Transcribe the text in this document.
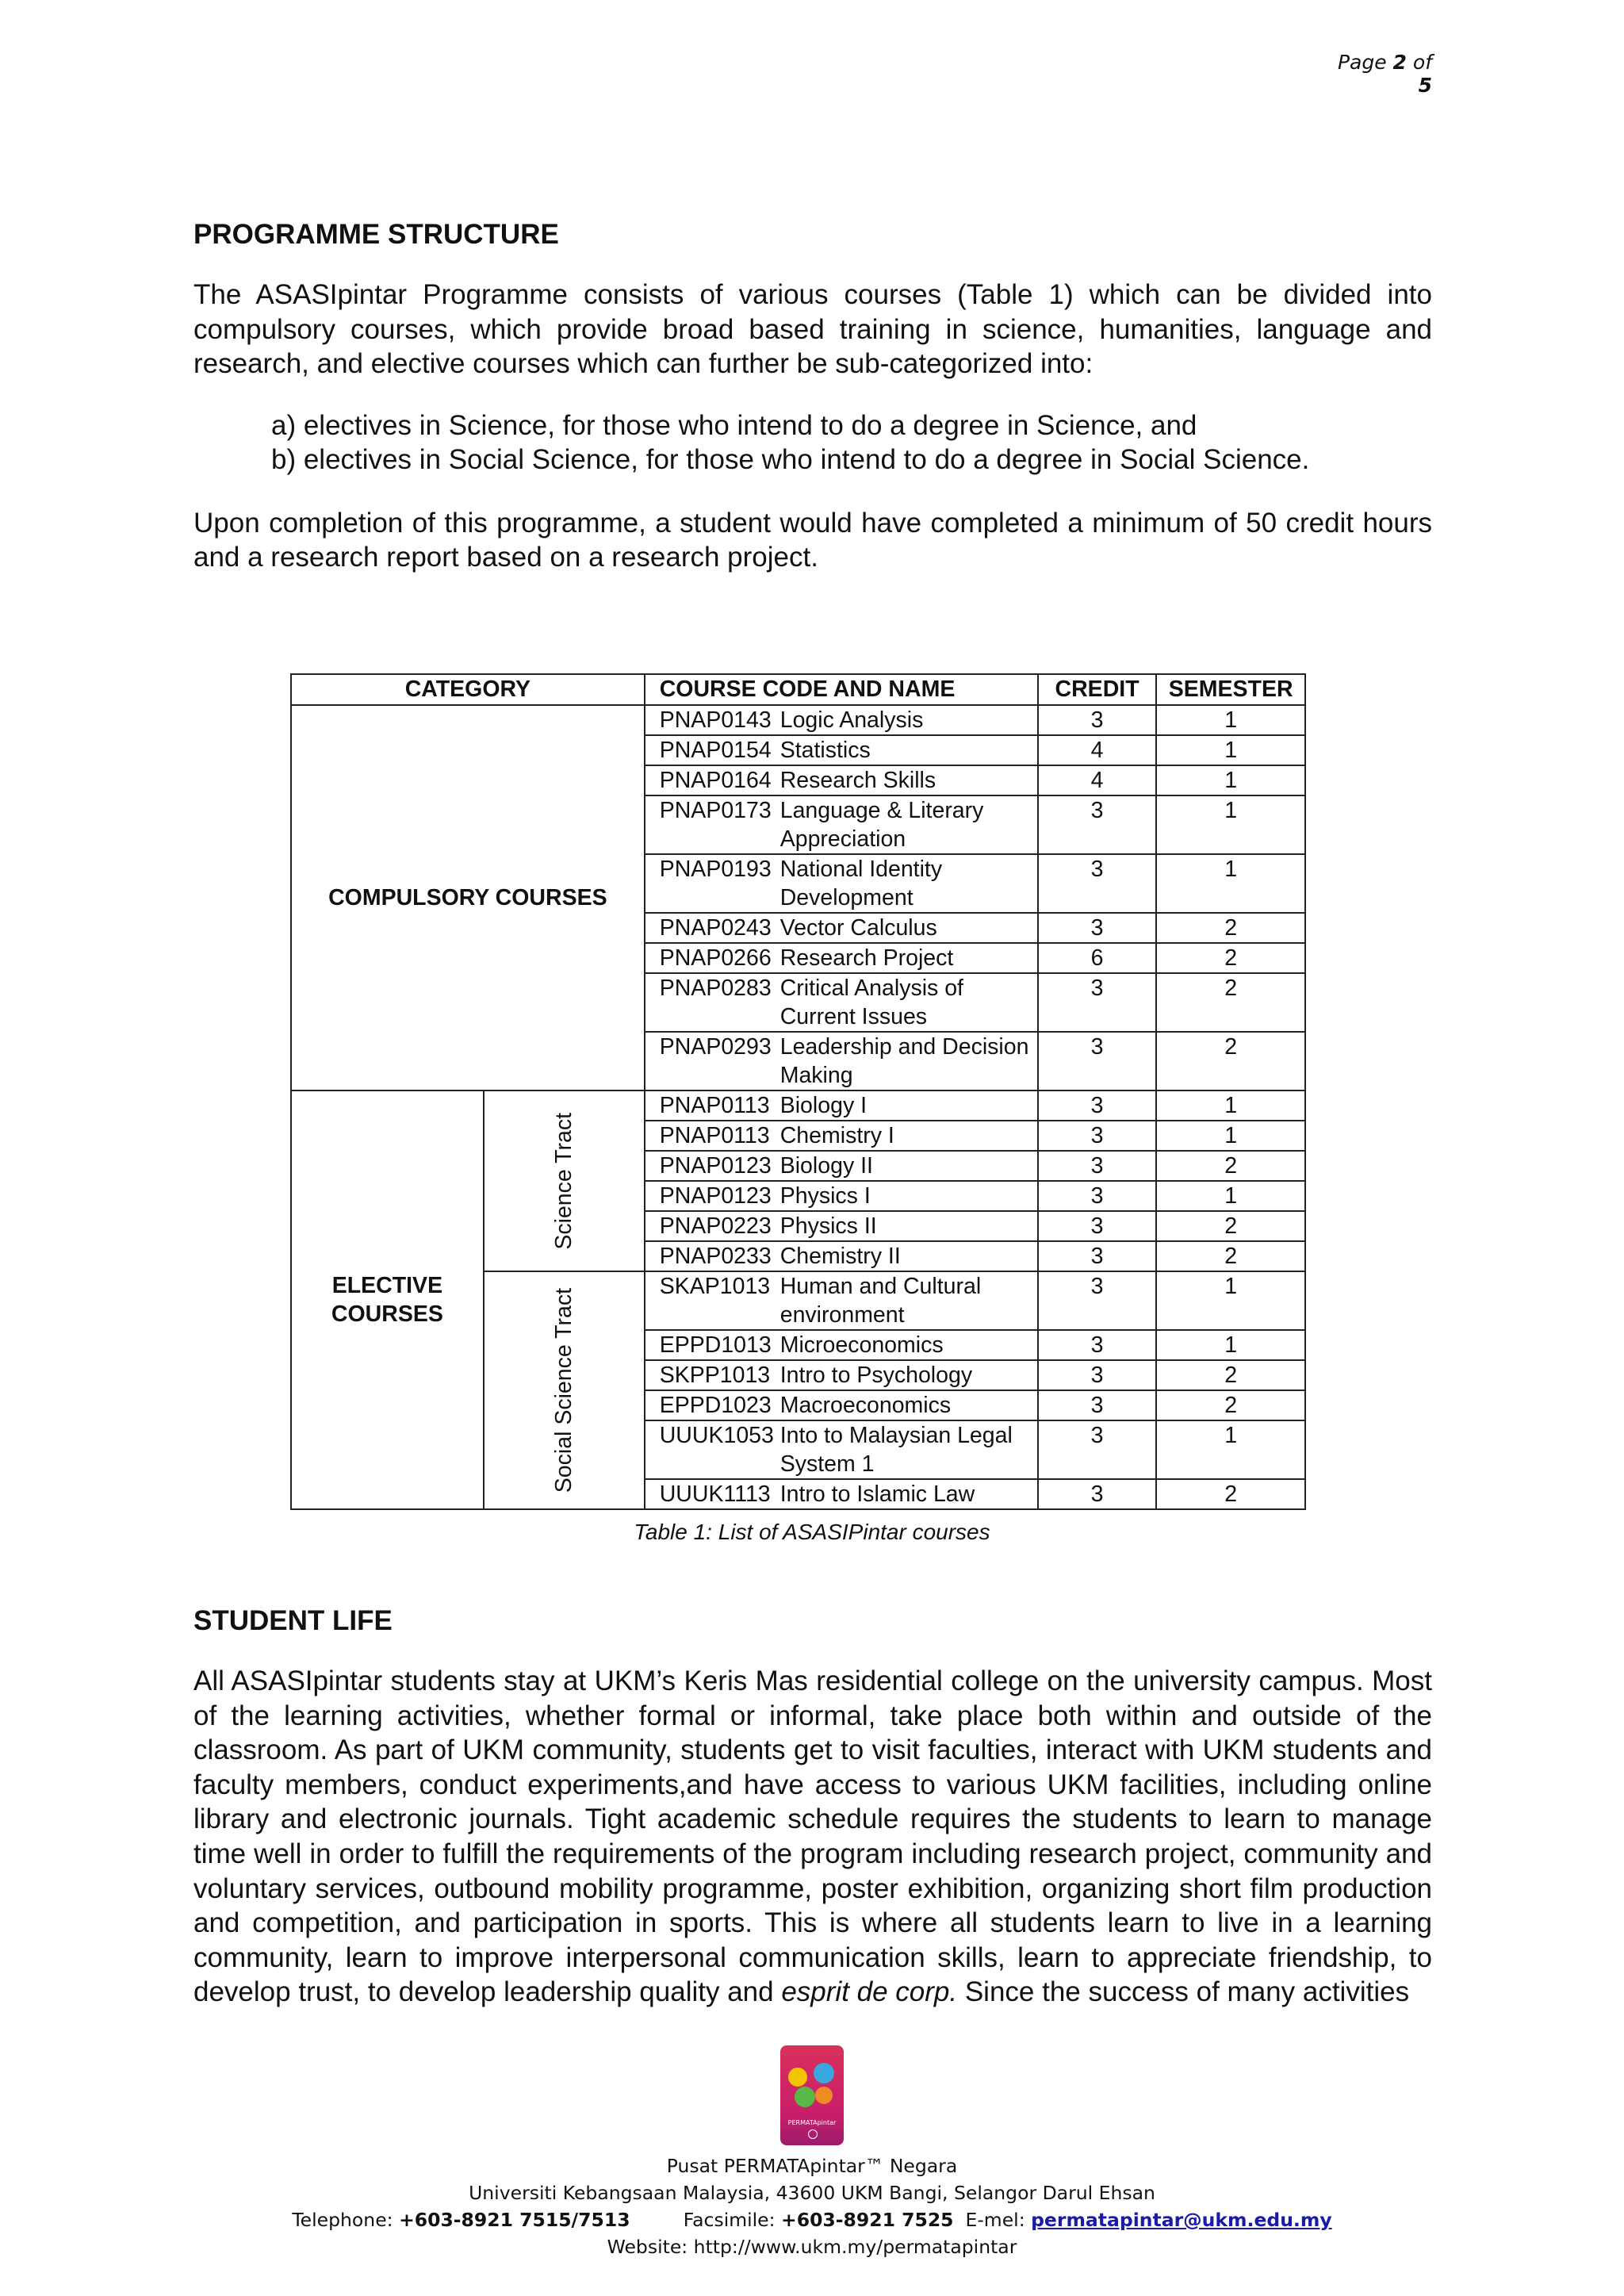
Page 2 of 5
PROGRAMME STRUCTURE

The ASASIpintar Programme consists of various courses (Table 1) which can be divided into compulsory courses, which provide broad based training in science, humanities, language and research, and elective courses which can further be sub-categorized into:

a) electives in Science, for those who intend to do a degree in Science, and
b) electives in Social Science, for those who intend to do a degree in Social Science.

Upon completion of this programme, a student would have completed a minimum of 50 credit hours and a research report based on a research project.

CATEGORY		COURSE CODE AND NAME	CREDIT	SEMESTER
COMPULSORY COURSES		PNAP0143 Logic Analysis	3	1
		PNAP0154 Statistics	4	1
		PNAP0164 Research Skills	4	1
		PNAP0173 Language & Literary Appreciation	3	1
		PNAP0193 National Identity Development	3	1
		PNAP0243 Vector Calculus	3	2
		PNAP0266 Research Project	6	2
		PNAP0283 Critical Analysis of Current Issues	3	2
		PNAP0293 Leadership and Decision Making	3	2

ELECTIVE
COURSES	Science Tract	PNAP0113 Biology I	3	1
		PNAP0113 Chemistry I	3	1
		PNAP0123 Biology II	3	2
		PNAP0123 Physics I	3	1
		PNAP0223 Physics II	3	2
		PNAP0233 Chemistry II	3	2

	Social Science Tract	SKAP1013 Human and Cultural environment	3	1
		EPPD1013 Microeconomics	3	1
		SKPP1013 Intro to Psychology	3	2
		EPPD1023 Macroeconomics	3	2
		UUUK1053 Into to Malaysian Legal System 1	3	1
		UUUK1113 Intro to Islamic Law	3	2
Table 1: List of ASASIPintar courses
STUDENT LIFE

All ASASIpintar students stay at UKM’s Keris Mas residential college on the university campus. Most of the learning activities, whether formal or informal, take place both within and outside of the classroom. As part of UKM community, students get to visit faculties, interact with UKM students and faculty members, conduct experiments,and have access to various UKM facilities, including online library and electronic journals. Tight academic schedule requires the students to learn to manage time well in order to fulfill the requirements of the program including research project, community and voluntary services, outbound mobility programme, poster exhibition, organizing short film production and competition, and participation in sports. This is where all students learn to live in a learning community, learn to improve interpersonal communication skills, learn to appreciate friendship, to develop trust, to develop leadership quality and esprit de corp. Since the success of many activities

PERMATApintar
Pusat PERMATApintar™ Negara
Universiti Kebangsaan Malaysia, 43600 UKM Bangi, Selangor Darul Ehsan
Telephone: +603-8921 7515/7513	Facsimile: +603-8921 7525 E-mel: permatapintar@ukm.edu.my
Website: http://www.ukm.my/permatapintar
